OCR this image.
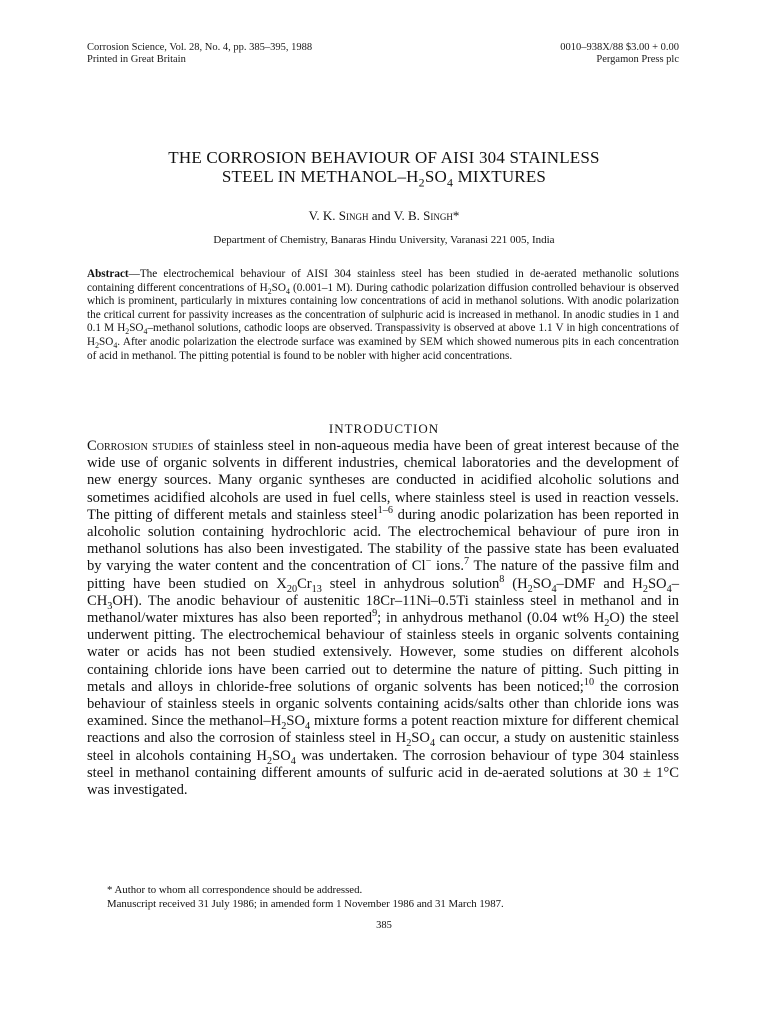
Corrosion Science, Vol. 28, No. 4, pp. 385–395, 1988
Printed in Great Britain
0010–938X/88 $3.00 + 0.00
Pergamon Press plc
THE CORROSION BEHAVIOUR OF AISI 304 STAINLESS
STEEL IN METHANOL–$H_2SO_4$ MIXTURES
V. K. Singh and V. B. Singh*
Department of Chemistry, Banaras Hindu University, Varanasi 221 005, India
Abstract—The electrochemical behaviour of AISI 304 stainless steel has been studied in de-aerated methanolic solutions containing different concentrations of $H_2SO_4$ (0.001–1 M). During cathodic polarization diffusion controlled behaviour is observed which is prominent, particularly in mixtures containing low concentrations of acid in methanol solutions. With anodic polarization the critical current for passivity increases as the concentration of sulphuric acid is increased in methanol. In anodic studies in 1 and 0.1 M $H_2SO_4$–methanol solutions, cathodic loops are observed. Transpassivity is observed at above 1.1 V in high concentrations of $H_2SO_4$. After anodic polarization the electrode surface was examined by SEM which showed numerous pits in each concentration of acid in methanol. The pitting potential is found to be nobler with higher acid concentrations.
INTRODUCTION
Corrosion studies of stainless steel in non-aqueous media have been of great interest because of the wide use of organic solvents in different industries, chemical laboratories and the development of new energy sources. Many organic syntheses are conducted in acidified alcoholic solutions and sometimes acidified alcohols are used in fuel cells, where stainless steel is used in reaction vessels. The pitting of different metals and stainless steel$^{1-6}$ during anodic polarization has been reported in alcoholic solution containing hydrochloric acid. The electrochemical behaviour of pure iron in methanol solutions has also been investigated. The stability of the passive state has been evaluated by varying the water content and the concentration of Cl− ions.$^7$ The nature of the passive film and pitting have been studied on $X_{20}Cr_{13}$ steel in anhydrous solution$^8$ ($H_2SO_4$–DMF and $H_2SO_4-CH_3OH$). The anodic behaviour of austenitic 18Cr–11Ni–0.5Ti stainless steel in methanol and in methanol/water mixtures has also been reported$^9$; in anhydrous methanol (0.04 wt% $H_2O$) the steel underwent pitting. The electrochemical behaviour of stainless steels in organic solvents containing water or acids has not been studied extensively. However, some studies on different alcohols containing chloride ions have been carried out to determine the nature of pitting. Such pitting in metals and alloys in chloride-free solutions of organic solvents has been noticed;$^{10}$ the corrosion behaviour of stainless steels in organic solvents containing acids/salts other than chloride ions was examined. Since the methanol–$H_2SO_4$ mixture forms a potent reaction mixture for different chemical reactions and also the corrosion of stainless steel in $H_2SO_4$ can occur, a study on austenitic stainless steel in alcohols containing $H_2SO_4$ was undertaken. The corrosion behaviour of type 304 stainless steel in methanol containing different amounts of sulfuric acid in de-aerated solutions at 30 ± 1°C was investigated.
* Author to whom all correspondence should be addressed.
Manuscript received 31 July 1986; in amended form 1 November 1986 and 31 March 1987.
385
